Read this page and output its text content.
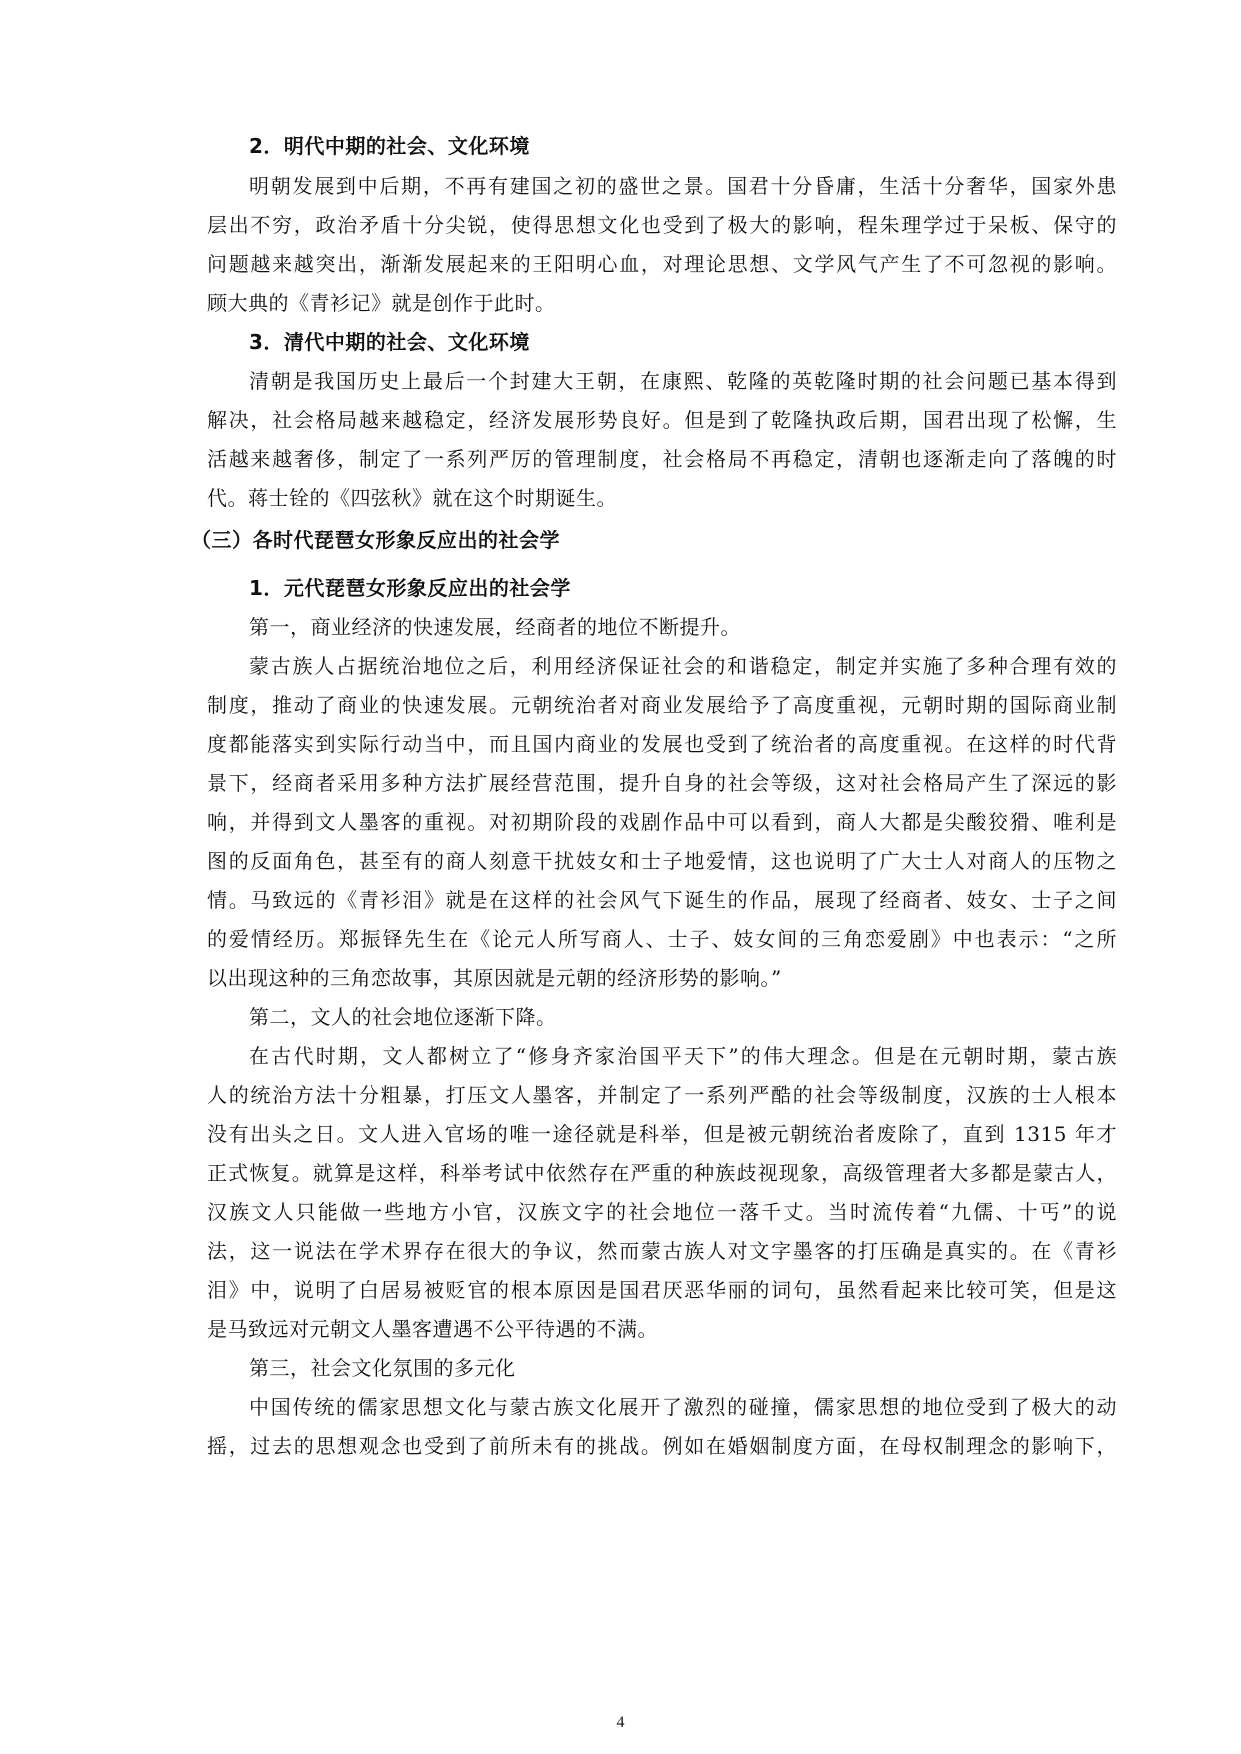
2．明代中期的社会、文化环境
明朝发展到中后期，不再有建国之初的盛世之景。国君十分昏庸，生活十分奢华，国家外患
层出不穷，政治矛盾十分尖锐，使得思想文化也受到了极大的影响，程朱理学过于呆板、保守的
问题越来越突出，渐渐发展起来的王阳明心血，对理论思想、文学风气产生了不可忽视的影响。
顾大典的《青衫记》就是创作于此时。
3．清代中期的社会、文化环境
清朝是我国历史上最后一个封建大王朝，在康熙、乾隆的英乾隆时期的社会问题已基本得到
解决，社会格局越来越稳定，经济发展形势良好。但是到了乾隆执政后期，国君出现了松懈，生
活越来越奢侈，制定了一系列严厉的管理制度，社会格局不再稳定，清朝也逐渐走向了落魄的时
代。蒋士铨的《四弦秋》就在这个时期诞生。
（三）各时代琵琶女形象反应出的社会学
1．元代琵琶女形象反应出的社会学
第一，商业经济的快速发展，经商者的地位不断提升。
蒙古族人占据统治地位之后，利用经济保证社会的和谐稳定，制定并实施了多种合理有效的
制度，推动了商业的快速发展。元朝统治者对商业发展给予了高度重视，元朝时期的国际商业制
度都能落实到实际行动当中，而且国内商业的发展也受到了统治者的高度重视。在这样的时代背
景下，经商者采用多种方法扩展经营范围，提升自身的社会等级，这对社会格局产生了深远的影
响，并得到文人墨客的重视。对初期阶段的戏剧作品中可以看到，商人大都是尖酸狡猾、唯利是
图的反面角色，甚至有的商人刻意干扰妓女和士子地爱情，这也说明了广大士人对商人的压物之
情。马致远的《青衫泪》就是在这样的社会风气下诞生的作品，展现了经商者、妓女、士子之间
的爱情经历。郑振铎先生在《论元人所写商人、士子、妓女间的三角恋爱剧》中也表示：“之所
以出现这种的三角恋故事，其原因就是元朝的经济形势的影响。”
第二，文人的社会地位逐渐下降。
在古代时期，文人都树立了“修身齐家治国平天下”的伟大理念。但是在元朝时期，蒙古族
人的统治方法十分粗暴，打压文人墨客，并制定了一系列严酷的社会等级制度，汉族的士人根本
没有出头之日。文人进入官场的唯一途径就是科举，但是被元朝统治者废除了，直到 1315 年才
正式恢复。就算是这样，科举考试中依然存在严重的种族歧视现象，高级管理者大多都是蒙古人，
汉族文人只能做一些地方小官，汉族文字的社会地位一落千丈。当时流传着“九儒、十丐”的说
法，这一说法在学术界存在很大的争议，然而蒙古族人对文字墨客的打压确是真实的。在《青衫
泪》中，说明了白居易被贬官的根本原因是国君厌恶华丽的词句，虽然看起来比较可笑，但是这
是马致远对元朝文人墨客遭遇不公平待遇的不满。
第三，社会文化氛围的多元化
中国传统的儒家思想文化与蒙古族文化展开了激烈的碰撞，儒家思想的地位受到了极大的动
摇，过去的思想观念也受到了前所未有的挑战。例如在婚姻制度方面，在母权制理念的影响下，
4
